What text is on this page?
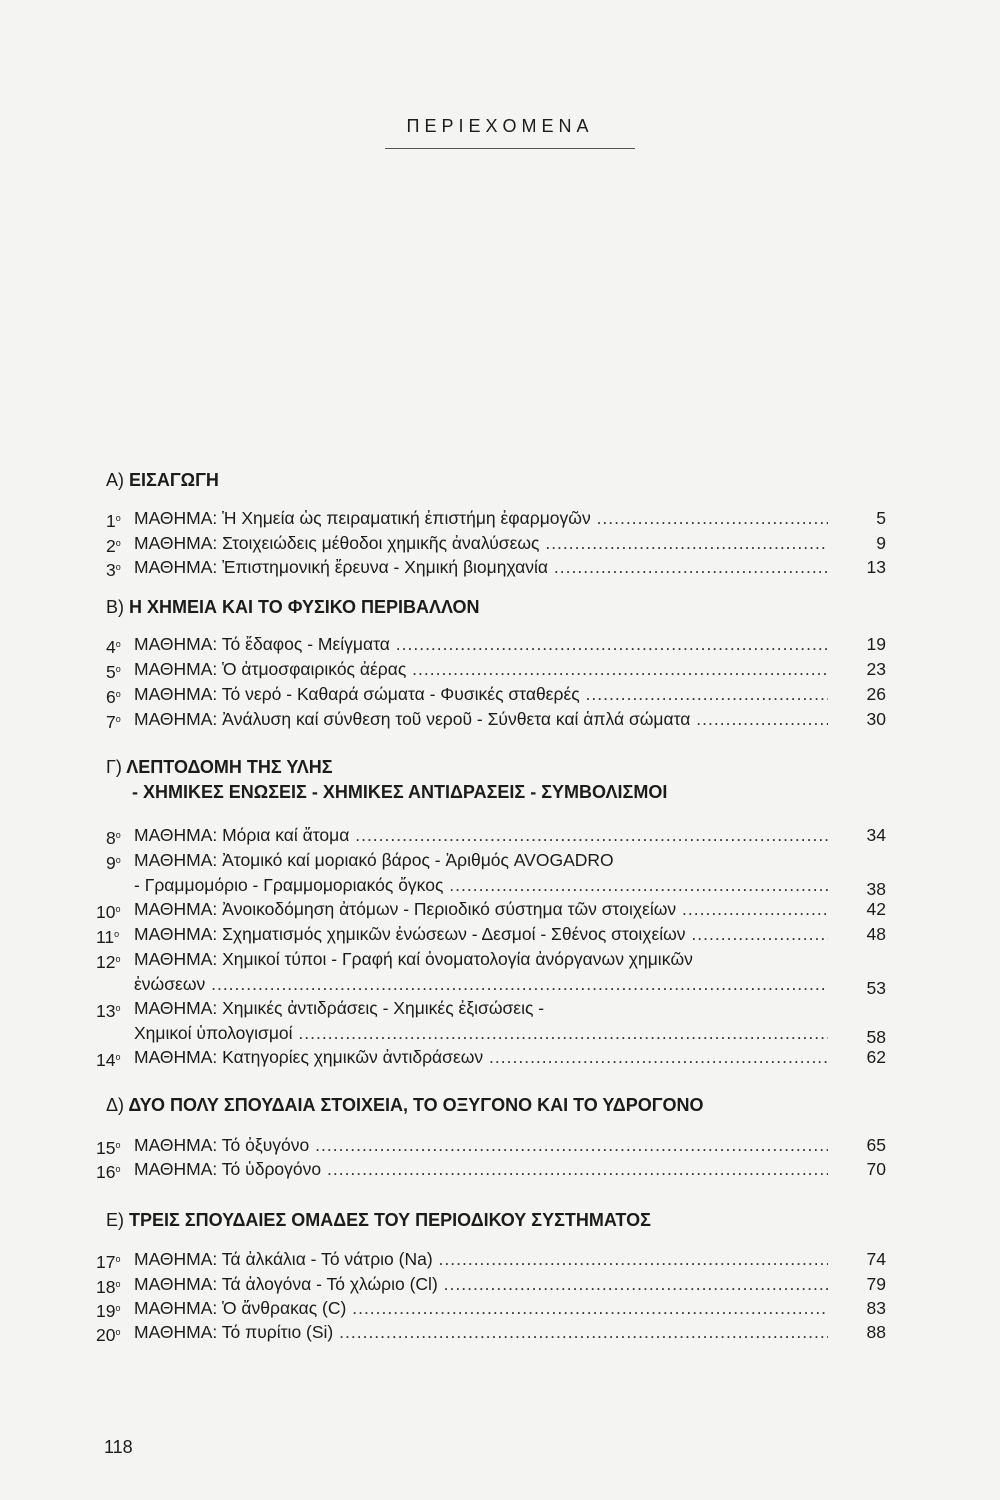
ΠΕΡΙΕΧΟΜΕΝΑ
Α) ΕΙΣΑΓΩΓΗ
$1^o$ ΜΑΘΗΜΑ: Ἡ Χημεία ὡς πειραματική ἐπιστήμη ἐφαρμογῶν .....	5
$2^o$ ΜΑΘΗΜΑ: Στοιχειώδεις μέθοδοι χημικῆς ἀναλύσεως .....	9
$3^o$ ΜΑΘΗΜΑ: Ἐπιστημονική ἔρευνα - Χημική βιομηχανία .....	13
$4^o$ ΜΑΘΗΜΑ: Τό ἔδαφος - Μείγματα .....	19
$5^o$ ΜΑΘΗΜΑ: Ὁ ἀτμοσφαιρικός ἀέρας .....	23
$6^o$ ΜΑΘΗΜΑ: Τό νερό - Καθαρά σώματα - Φυσικές σταθερές .....	26
$7^o$ ΜΑΘΗΜΑ: Ἀνάλυση καί σύνθεση τοῦ νεροῦ - Σύνθετα καί ἁπλά σώματα .....	30
$8^o$ ΜΑΘΗΜΑ: Μόρια καί ἄτομα .....	34
$9^o$ ΜΑΘΗΜΑ: Ἀτομικό καί μοριακό βάρος - Ἀριθμός AVOGADRO
- Γραμμομόριο - Γραμμομοριακός ὄγκος .....	38
$10^o$ ΜΑΘΗΜΑ: Ἀνοικοδόμηση ἀτόμων - Περιοδικό σύστημα τῶν στοιχείων .....	42
$11^o$ ΜΑΘΗΜΑ: Σχηματισμός χημικῶν ἐνώσεων - Δεσμοί - Σθένος στοιχείων .....	48
$12^o$ ΜΑΘΗΜΑ: Χημικοί τύποι - Γραφή καί ὀνοματολογία ἀνόργανων χημικῶν
ἐνώσεων .....	53
$13^o$ ΜΑΘΗΜΑ: Χημικές ἀντιδράσεις - Χημικές ἐξισώσεις -
Χημικοί ὑπολογισμοί .....	58
$14^o$ ΜΑΘΗΜΑ: Κατηγορίες χημικῶν ἀντιδράσεων .....	62
$15^o$ ΜΑΘΗΜΑ: Τό ὀξυγόνο .....	65
$16^o$ ΜΑΘΗΜΑ: Τό ὑδρογόνο .....	70
$17^o$ ΜΑΘΗΜΑ: Τά ἀλκάλια - Τό νάτριο (Na) .....	74
$18^o$ ΜΑΘΗΜΑ: Τά ἀλογόνα - Τό χλώριο (Cl) .....	79
$19^o$ ΜΑΘΗΜΑ: Ὁ ἄνθρακας (C) .....	83
$20^o$ ΜΑΘΗΜΑ: Τό πυρίτιο (Si) .....	88
Β) Η ΧΗΜΕΙΑ ΚΑΙ ΤΟ ΦΥΣΙΚΟ ΠΕΡΙΒΑΛΛΟΝ
Γ) ΛΕΠΤΟΔΟΜΗ ΤΗΣ ΥΛΗΣ
- ΧΗΜΙΚΕΣ ΕΝΩΣΕΙΣ - ΧΗΜΙΚΕΣ ΑΝΤΙΔΡΑΣΕΙΣ - ΣΥΜΒΟΛΙΣΜΟΙ
Δ) ΔΥΟ ΠΟΛΥ ΣΠΟΥΔΑΙΑ ΣΤΟΙΧΕΙΑ, ΤΟ ΟΞΥΓΟΝΟ ΚΑΙ ΤΟ ΥΔΡΟΓΟΝΟ
Ε) ΤΡΕΙΣ ΣΠΟΥΔΑΙΕΣ ΟΜΑΔΕΣ ΤΟΥ ΠΕΡΙΟΔΙΚΟΥ ΣΥΣΤΗΜΑΤΟΣ
118
